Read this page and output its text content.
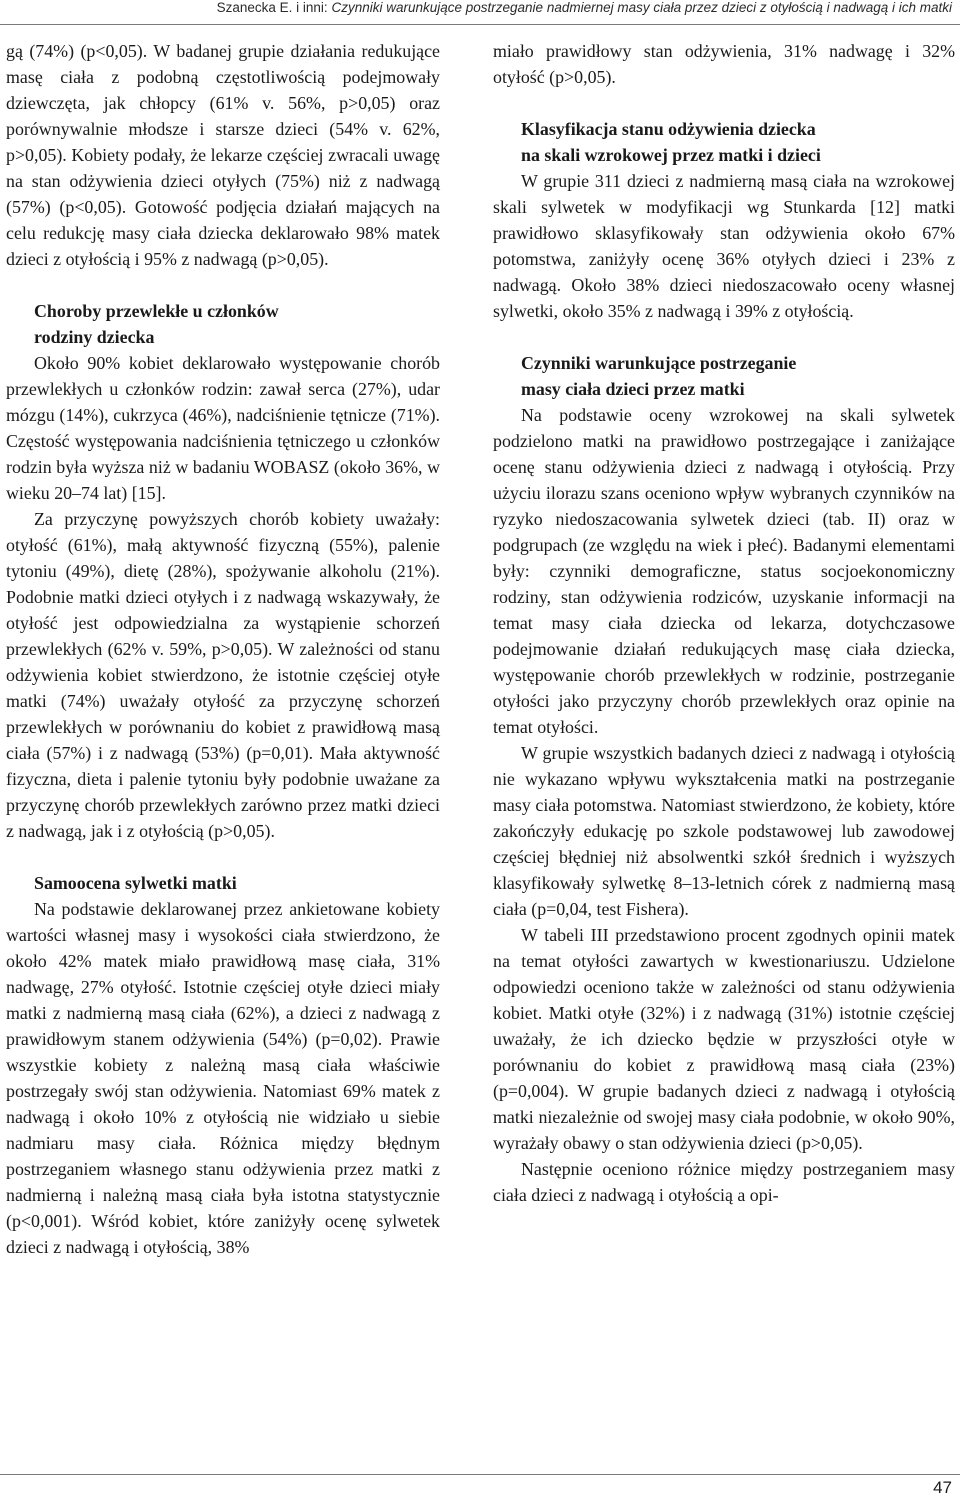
Szanecka E. i inni: Czynniki warunkujące postrzeganie nadmiernej masy ciała przez dzieci z otyłością i nadwagą i ich matki

gą (74%) (p<0,05). W badanej grupie działania redukujące masę ciała z podobną częstotliwością podejmowały dziewczęta, jak chłopcy (61% v. 56%, p>0,05) oraz porównywalnie młodsze i starsze dzieci (54% v. 62%, p>0,05). Kobiety podały, że lekarze częściej zwracali uwagę na stan odżywienia dzieci otyłych (75%) niż z nadwagą (57%) (p<0,05). Gotowość podjęcia działań mających na celu redukcję masy ciała dziecka deklarowało 98% matek dzieci z otyłością i 95% z nadwagą (p>0,05).

Choroby przewlekłe u członków
rodziny dziecka

Około 90% kobiet deklarowało występowanie chorób przewlekłych u członków rodzin: zawał serca (27%), udar mózgu (14%), cukrzyca (46%), nadciśnienie tętnicze (71%). Częstość występowania nadciśnienia tętniczego u członków rodzin była wyższa niż w badaniu WOBASZ (około 36%, w wieku 20–74 lat) [15].

Za przyczynę powyższych chorób kobiety uważały: otyłość (61%), małą aktywność fizyczną (55%), palenie tytoniu (49%), dietę (28%), spożywanie alkoholu (21%). Podobnie matki dzieci otyłych i z nadwagą wskazywały, że otyłość jest odpowiedzialna za wystąpienie schorzeń przewlekłych (62% v. 59%, p>0,05). W zależności od stanu odżywienia kobiet stwierdzono, że istotnie częściej otyłe matki (74%) uważały otyłość za przyczynę schorzeń przewlekłych w porównaniu do kobiet z prawidłową masą ciała (57%) i z nadwagą (53%) (p=0,01). Mała aktywność fizyczna, dieta i palenie tytoniu były podobnie uważane za przyczynę chorób przewlekłych zarówno przez matki dzieci z nadwagą, jak i z otyłością (p>0,05).

Samoocena sylwetki matki

Na podstawie deklarowanej przez ankietowane kobiety wartości własnej masy i wysokości ciała stwierdzono, że około 42% matek miało prawidłową masę ciała, 31% nadwagę, 27% otyłość. Istotnie częściej otyłe dzieci miały matki z nadmierną masą ciała (62%), a dzieci z nadwagą z prawidłowym stanem odżywienia (54%) (p=0,02). Prawie wszystkie kobiety z należną masą ciała właściwie postrzegały swój stan odżywienia. Natomiast 69% matek z nadwagą i około 10% z otyłością nie widziało u siebie nadmiaru masy ciała. Różnica między błędnym postrzeganiem własnego stanu odżywienia przez matki z nadmierną i należną masą ciała była istotna statystycznie (p<0,001). Wśród kobiet, które zaniżyły ocenę sylwetek dzieci z nadwagą i otyłością, 38%

miało prawidłowy stan odżywienia, 31% nadwagę i 32% otyłość (p>0,05).

Klasyfikacja stanu odżywienia dziecka
na skali wzrokowej przez matki i dzieci

W grupie 311 dzieci z nadmierną masą ciała na wzrokowej skali sylwetek w modyfikacji wg Stunkarda [12] matki prawidłowo sklasyfikowały stan odżywienia około 67% potomstwa, zaniżyły ocenę 36% otyłych dzieci i 23% z nadwagą. Około 38% dzieci niedoszacowało oceny własnej sylwetki, około 35% z nadwagą i 39% z otyłością.

Czynniki warunkujące postrzeganie
masy ciała dzieci przez matki

Na podstawie oceny wzrokowej na skali sylwetek podzielono matki na prawidłowo postrzegające i zaniżające ocenę stanu odżywienia dzieci z nadwagą i otyłością. Przy użyciu ilorazu szans oceniono wpływ wybranych czynników na ryzyko niedoszacowania sylwetek dzieci (tab. II) oraz w podgrupach (ze względu na wiek i płeć). Badanymi elementami były: czynniki demograficzne, status socjoekonomiczny rodziny, stan odżywienia rodziców, uzyskanie informacji na temat masy ciała dziecka od lekarza, dotychczasowe podejmowanie działań redukujących masę ciała dziecka, występowanie chorób przewlekłych w rodzinie, postrzeganie otyłości jako przyczyny chorób przewlekłych oraz opinie na temat otyłości.

W grupie wszystkich badanych dzieci z nadwagą i otyłością nie wykazano wpływu wykształcenia matki na postrzeganie masy ciała potomstwa. Natomiast stwierdzono, że kobiety, które zakończyły edukację po szkole podstawowej lub zawodowej częściej błędniej niż absolwentki szkół średnich i wyższych klasyfikowały sylwetkę 8–13-letnich córek z nadmierną masą ciała (p=0,04, test Fishera).

W tabeli III przedstawiono procent zgodnych opinii matek na temat otyłości zawartych w kwestionariuszu. Udzielone odpowiedzi oceniono także w zależności od stanu odżywienia kobiet. Matki otyłe (32%) i z nadwagą (31%) istotnie częściej uważały, że ich dziecko będzie w przyszłości otyłe w porównaniu do kobiet z prawidłową masą ciała (23%) (p=0,004). W grupie badanych dzieci z nadwagą i otyłością matki niezależnie od swojej masy ciała podobnie, w około 90%, wyrażały obawy o stan odżywienia dzieci (p>0,05).

Następnie oceniono różnice między postrzeganiem masy ciała dzieci z nadwagą i otyłością a opi-

47
